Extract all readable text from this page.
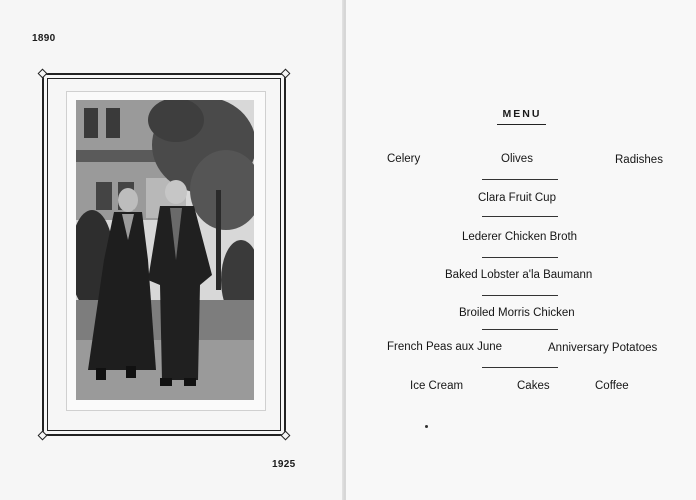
1890
1925
MENU
Celery	Olives	Radishes
Clara Fruit Cup
Lederer Chicken Broth
Baked Lobster a'la Baumann
Broiled Morris Chicken
French Peas aux June	Anniversary Potatoes
Ice Cream	Cakes	Coffee
